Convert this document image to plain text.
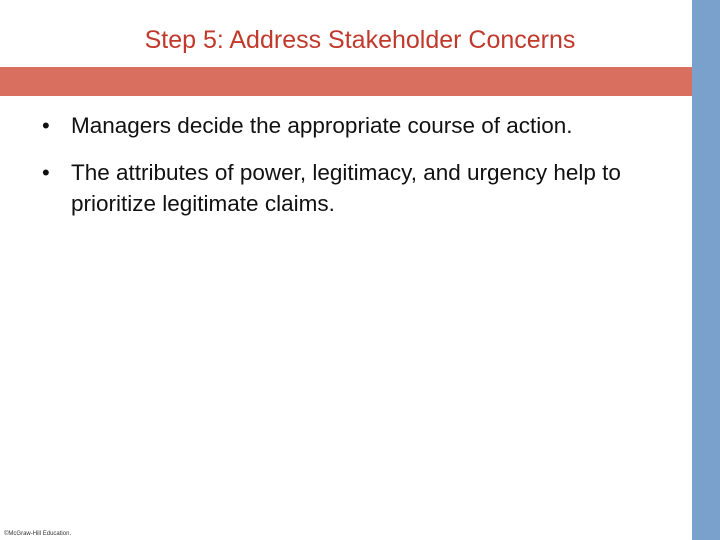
Step 5: Address Stakeholder Concerns
• Managers decide the appropriate course of action.
• The attributes of power, legitimacy, and urgency help to prioritize legitimate claims.
©McGraw-Hill Education.
